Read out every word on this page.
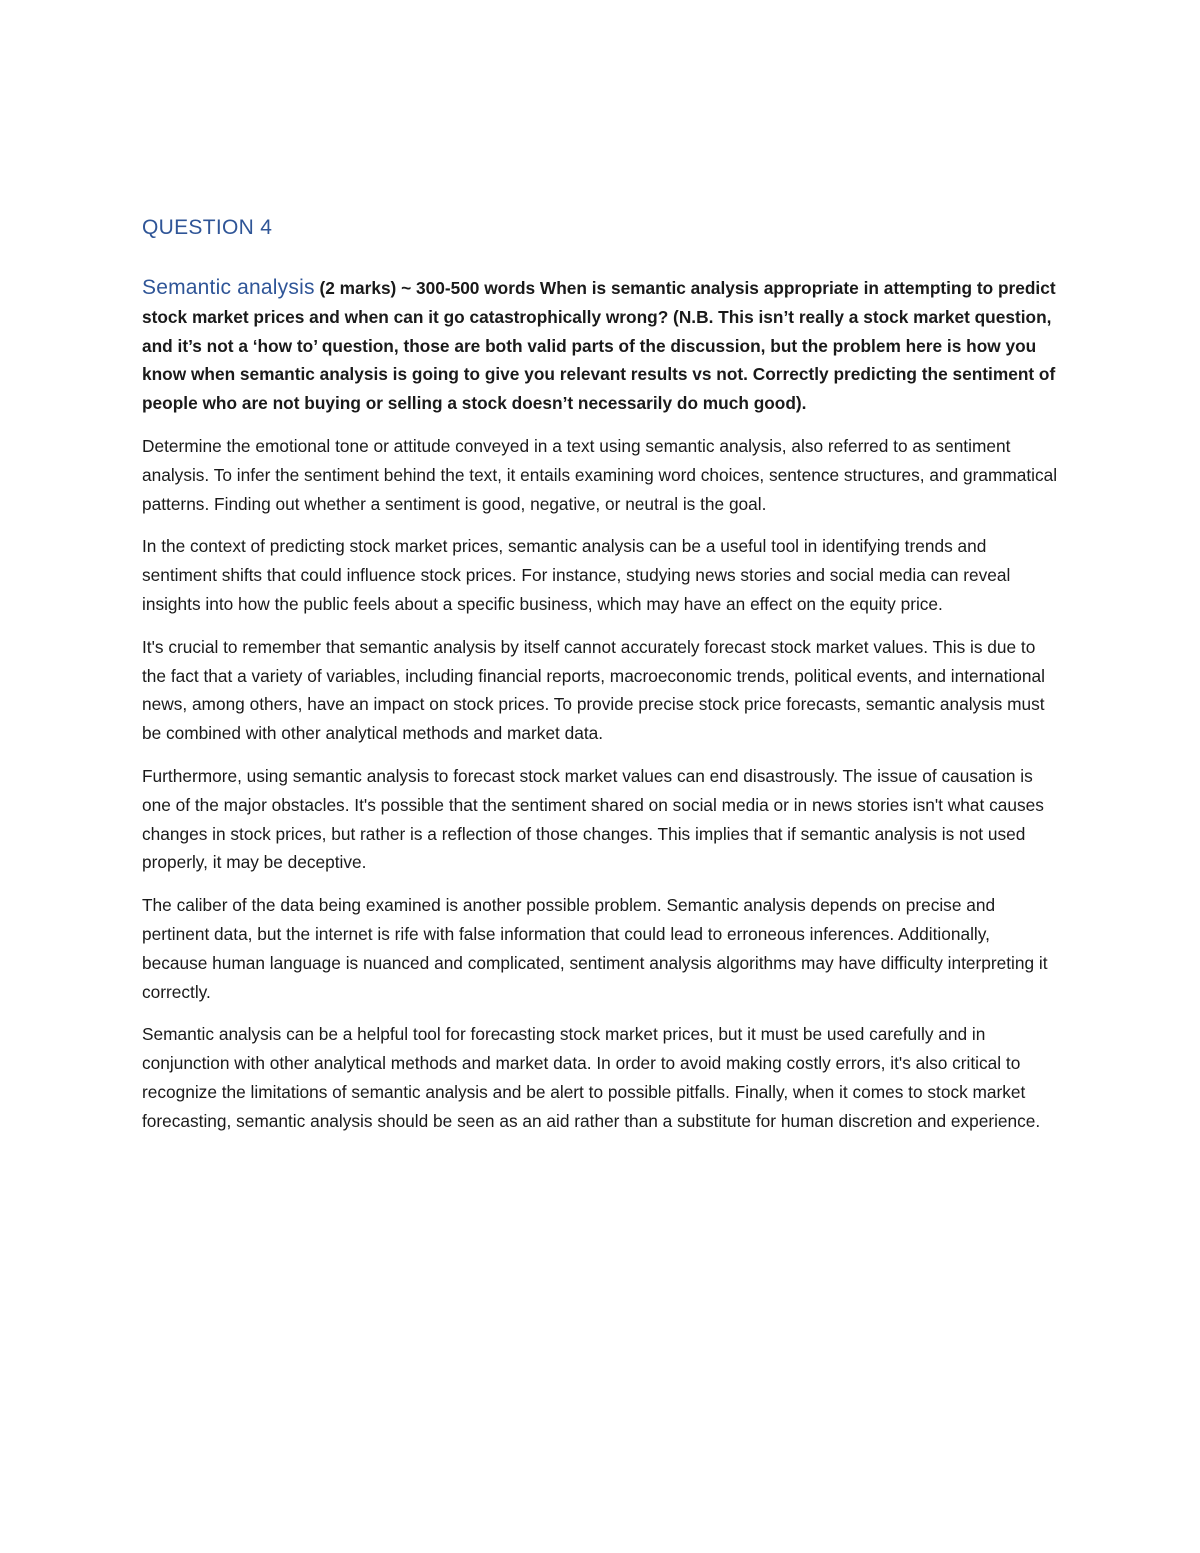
QUESTION 4

Semantic analysis (2 marks) ~ 300-500 words When is semantic analysis appropriate in attempting to predict stock market prices and when can it go catastrophically wrong? (N.B. This isn’t really a stock market question, and it’s not a ‘how to’ question, those are both valid parts of the discussion, but the problem here is how you know when semantic analysis is going to give you relevant results vs not. Correctly predicting the sentiment of people who are not buying or selling a stock doesn’t necessarily do much good).

Determine the emotional tone or attitude conveyed in a text using semantic analysis, also referred to as sentiment analysis. To infer the sentiment behind the text, it entails examining word choices, sentence structures, and grammatical patterns. Finding out whether a sentiment is good, negative, or neutral is the goal.

In the context of predicting stock market prices, semantic analysis can be a useful tool in identifying trends and sentiment shifts that could influence stock prices. For instance, studying news stories and social media can reveal insights into how the public feels about a specific business, which may have an effect on the equity price.

It's crucial to remember that semantic analysis by itself cannot accurately forecast stock market values. This is due to the fact that a variety of variables, including financial reports, macroeconomic trends, political events, and international news, among others, have an impact on stock prices. To provide precise stock price forecasts, semantic analysis must be combined with other analytical methods and market data.

Furthermore, using semantic analysis to forecast stock market values can end disastrously. The issue of causation is one of the major obstacles. It's possible that the sentiment shared on social media or in news stories isn't what causes changes in stock prices, but rather is a reflection of those changes. This implies that if semantic analysis is not used properly, it may be deceptive.

The caliber of the data being examined is another possible problem. Semantic analysis depends on precise and pertinent data, but the internet is rife with false information that could lead to erroneous inferences. Additionally, because human language is nuanced and complicated, sentiment analysis algorithms may have difficulty interpreting it correctly.

Semantic analysis can be a helpful tool for forecasting stock market prices, but it must be used carefully and in conjunction with other analytical methods and market data. In order to avoid making costly errors, it's also critical to recognize the limitations of semantic analysis and be alert to possible pitfalls. Finally, when it comes to stock market forecasting, semantic analysis should be seen as an aid rather than a substitute for human discretion and experience.
